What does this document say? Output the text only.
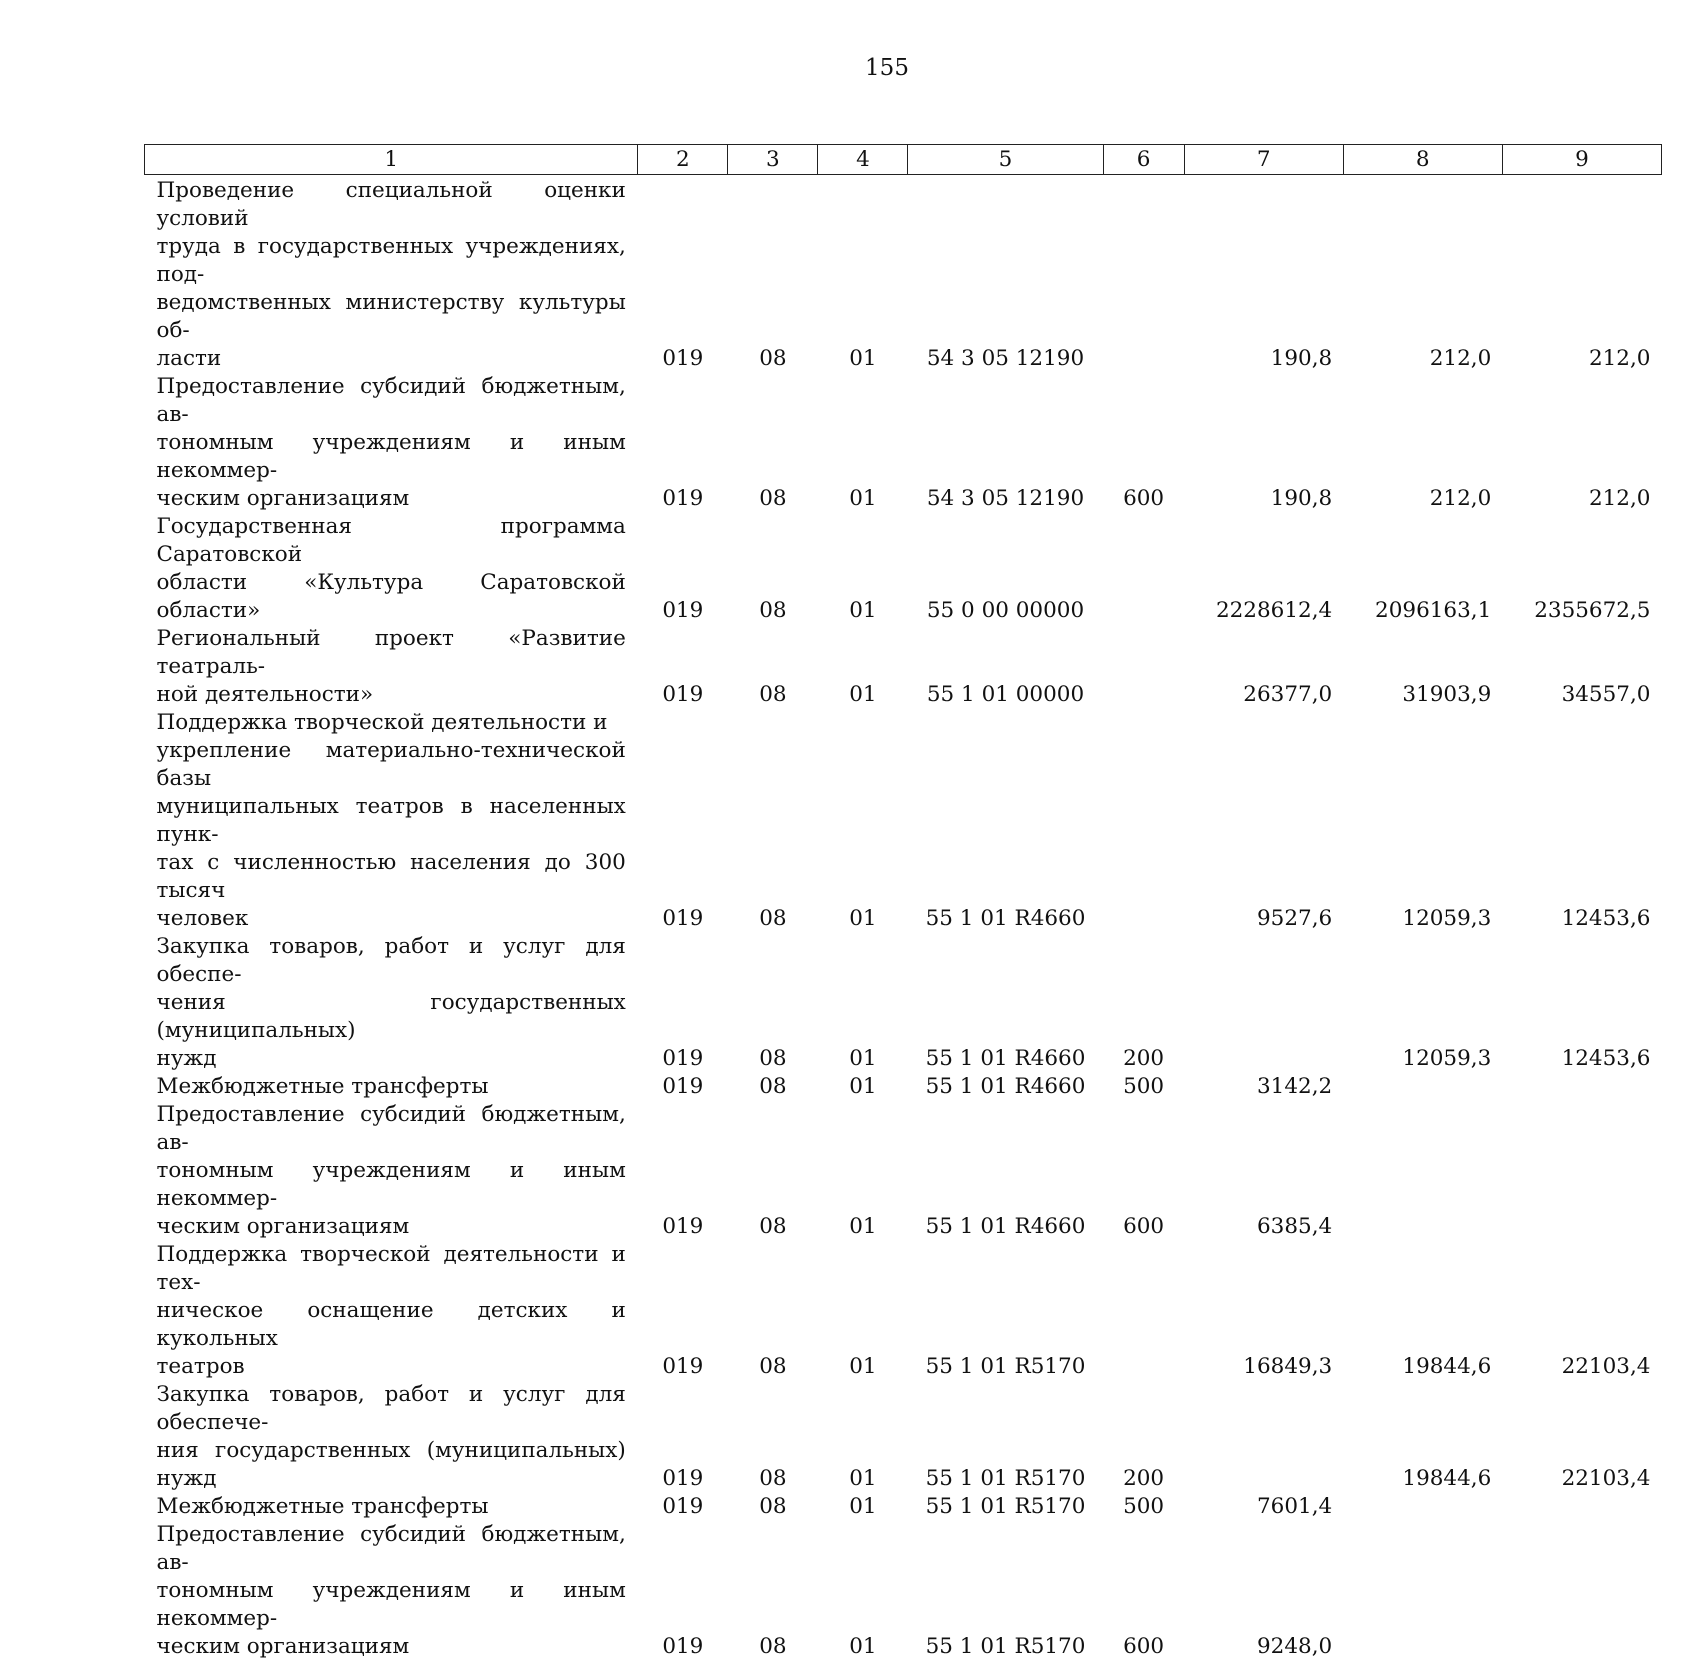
155
1	2	3	4	5	6	7	8	9
Проведение специальной оценки условий
труда в государственных учреждениях, под-
ведомственных министерству культуры об-
ласти	019	08	01	54 3 05 12190		190,8	212,0	212,0
Предоставление субсидий бюджетным, ав-
тономным учреждениям и иным некоммер-
ческим организациям	019	08	01	54 3 05 12190	600	190,8	212,0	212,0
Государственная программа Саратовской
области «Культура Саратовской области»	019	08	01	55 0 00 00000		2228612,4	2096163,1	2355672,5
Региональный проект «Развитие театраль-
ной деятельности»	019	08	01	55 1 01 00000		26377,0	31903,9	34557,0
Поддержка творческой деятельности и
укрепление материально-технической базы
муниципальных театров в населенных пунк-
тах с численностью населения до 300 тысяч
человек	019	08	01	55 1 01 R4660		9527,6	12059,3	12453,6
Закупка товаров, работ и услуг для обеспе-
чения государственных (муниципальных)
нужд	019	08	01	55 1 01 R4660	200		12059,3	12453,6
Межбюджетные трансферты	019	08	01	55 1 01 R4660	500	3142,2		
Предоставление субсидий бюджетным, ав-
тономным учреждениям и иным некоммер-
ческим организациям	019	08	01	55 1 01 R4660	600	6385,4		
Поддержка творческой деятельности и тех-
ническое оснащение детских и кукольных
театров	019	08	01	55 1 01 R5170		16849,3	19844,6	22103,4
Закупка товаров, работ и услуг для обеспече-
ния государственных (муниципальных) нужд	019	08	01	55 1 01 R5170	200		19844,6	22103,4
Межбюджетные трансферты	019	08	01	55 1 01 R5170	500	7601,4		
Предоставление субсидий бюджетным, ав-
тономным учреждениям и иным некоммер-
ческим организациям	019	08	01	55 1 01 R5170	600	9248,0		
